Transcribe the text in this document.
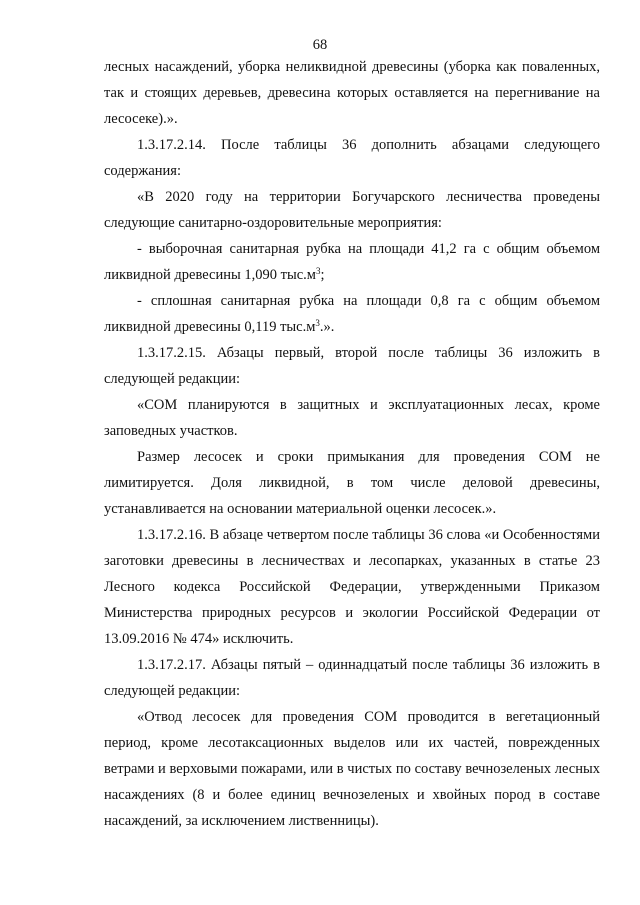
68

лесных насаждений, уборка неликвидной древесины (уборка как поваленных, так и стоящих деревьев, древесина которых оставляется на перегнивание на лесосеке).».

1.3.17.2.14. После таблицы 36 дополнить абзацами следующего содержания:

«В 2020 году на территории Богучарского лесничества проведены следующие санитарно-оздоровительные мероприятия:

- выборочная санитарная рубка на площади 41,2 га с общим объемом ликвидной древесины 1,090 $тыс.м^3$;

- сплошная санитарная рубка на площади 0,8 га с общим объемом ликвидной древесины 0,119 $тыс.м^3$.».

1.3.17.2.15. Абзацы первый, второй после таблицы 36 изложить в следующей редакции:

«СОМ планируются в защитных и эксплуатационных лесах, кроме заповедных участков.

Размер лесосек и сроки примыкания для проведения СОМ не лимитируется. Доля ликвидной, в том числе деловой древесины, устанавливается на основании материальной оценки лесосек.».

1.3.17.2.16. В абзаце четвертом после таблицы 36 слова «и Особенностями заготовки древесины в лесничествах и лесопарках, указанных в статье 23 Лесного кодекса Российской Федерации, утвержденными Приказом Министерства природных ресурсов и экологии Российской Федерации от 13.09.2016 № 474» исключить.

1.3.17.2.17. Абзацы пятый – одиннадцатый после таблицы 36 изложить в следующей редакции:

«Отвод лесосек для проведения СОМ проводится в вегетационный период, кроме лесотаксационных выделов или их частей, поврежденных ветрами и верховыми пожарами, или в чистых по составу вечнозеленых лесных насаждениях (8 и более единиц вечнозеленых и хвойных пород в составе насаждений, за исключением лиственницы).
